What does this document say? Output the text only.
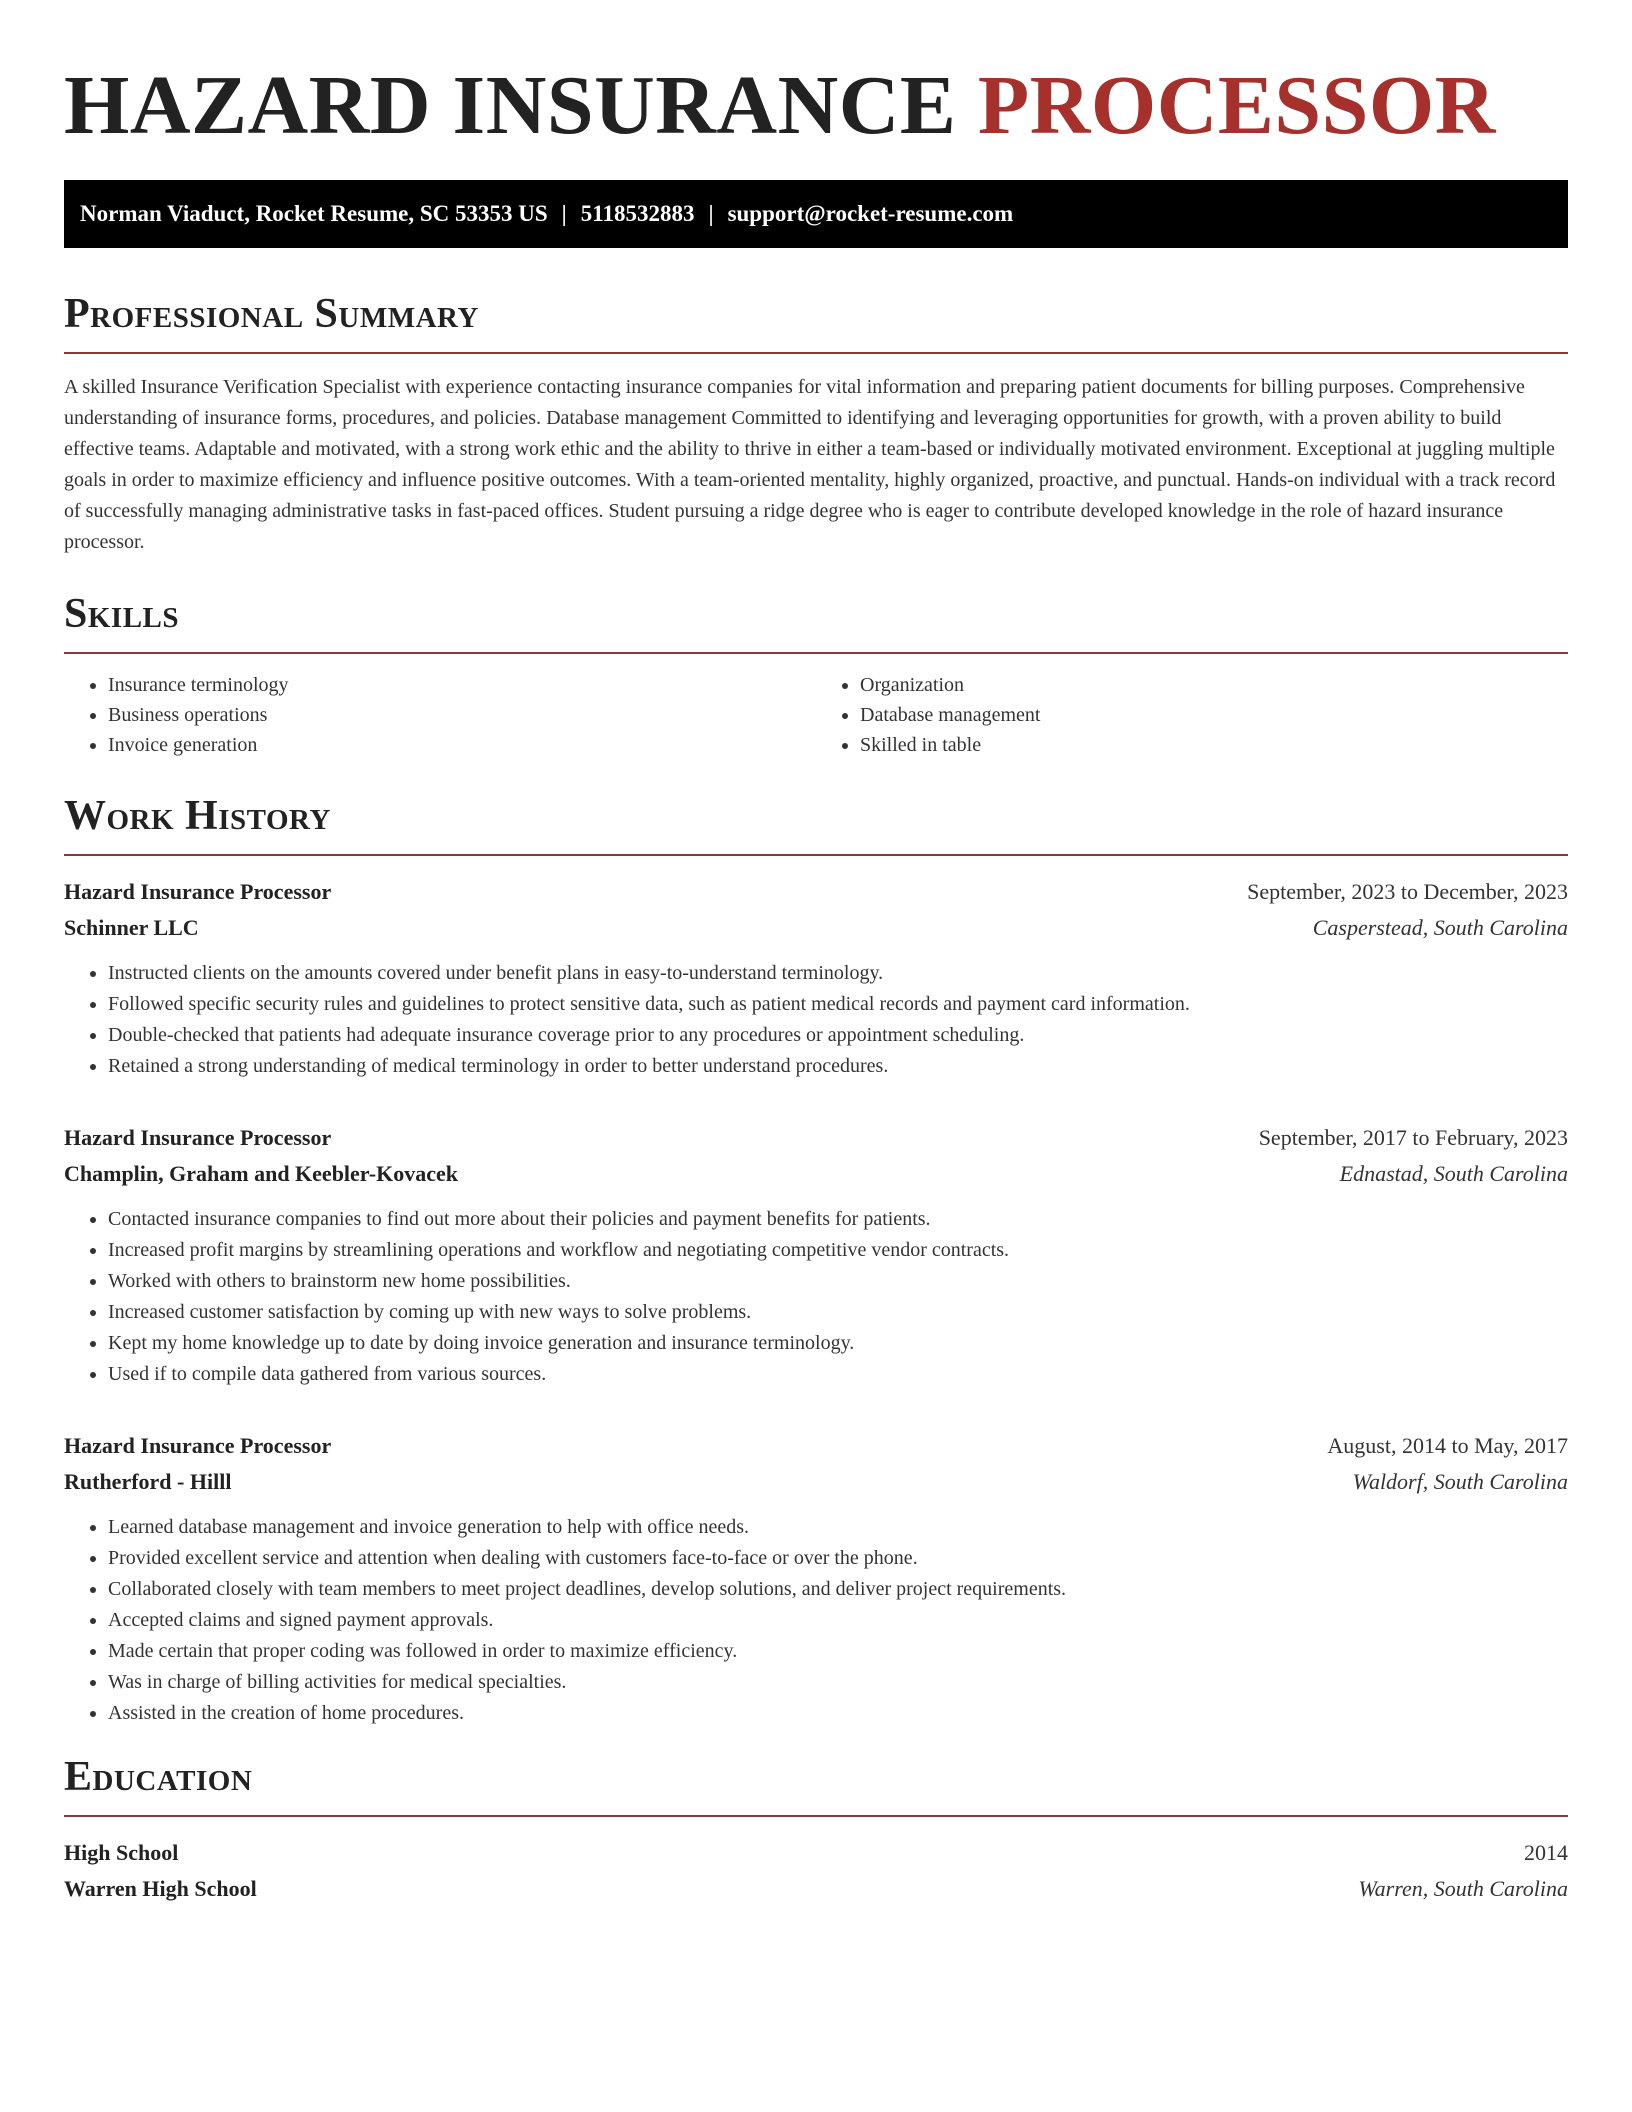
HAZARD INSURANCE PROCESSOR
Norman Viaduct, Rocket Resume, SC 53353 US | 5118532883 | support@rocket-resume.com
Professional Summary

A skilled Insurance Verification Specialist with experience contacting insurance companies for vital information and preparing patient documents for billing purposes. Comprehensive understanding of insurance forms, procedures, and policies. Database management Committed to identifying and leveraging opportunities for growth, with a proven ability to build effective teams. Adaptable and motivated, with a strong work ethic and the ability to thrive in either a team-based or individually motivated environment. Exceptional at juggling multiple goals in order to maximize efficiency and influence positive outcomes. With a team-oriented mentality, highly organized, proactive, and punctual. Hands-on individual with a track record of successfully managing administrative tasks in fast-paced offices. Student pursuing a ridge degree who is eager to contribute developed knowledge in the role of hazard insurance processor.

Skills
• Insurance terminology
• Business operations
• Invoice generation
• Organization
• Database management
• Skilled in table
Work History
Hazard Insurance Processor	September, 2023 to December, 2023
Schinner LLC	Casperstead, South Carolina
• Instructed clients on the amounts covered under benefit plans in easy-to-understand terminology.
• Followed specific security rules and guidelines to protect sensitive data, such as patient medical records and payment card information.
• Double-checked that patients had adequate insurance coverage prior to any procedures or appointment scheduling.
• Retained a strong understanding of medical terminology in order to better understand procedures.
Hazard Insurance Processor	September, 2017 to February, 2023
Champlin, Graham and Keebler-Kovacek	Ednastad, South Carolina
• Contacted insurance companies to find out more about their policies and payment benefits for patients.
• Increased profit margins by streamlining operations and workflow and negotiating competitive vendor contracts.
• Worked with others to brainstorm new home possibilities.
• Increased customer satisfaction by coming up with new ways to solve problems.
• Kept my home knowledge up to date by doing invoice generation and insurance terminology.
• Used if to compile data gathered from various sources.
Hazard Insurance Processor	August, 2014 to May, 2017
Rutherford - Hilll	Waldorf, South Carolina
• Learned database management and invoice generation to help with office needs.
• Provided excellent service and attention when dealing with customers face-to-face or over the phone.
• Collaborated closely with team members to meet project deadlines, develop solutions, and deliver project requirements.
• Accepted claims and signed payment approvals.
• Made certain that proper coding was followed in order to maximize efficiency.
• Was in charge of billing activities for medical specialties.
• Assisted in the creation of home procedures.
Education
High School	2014
Warren High School	Warren, South Carolina
